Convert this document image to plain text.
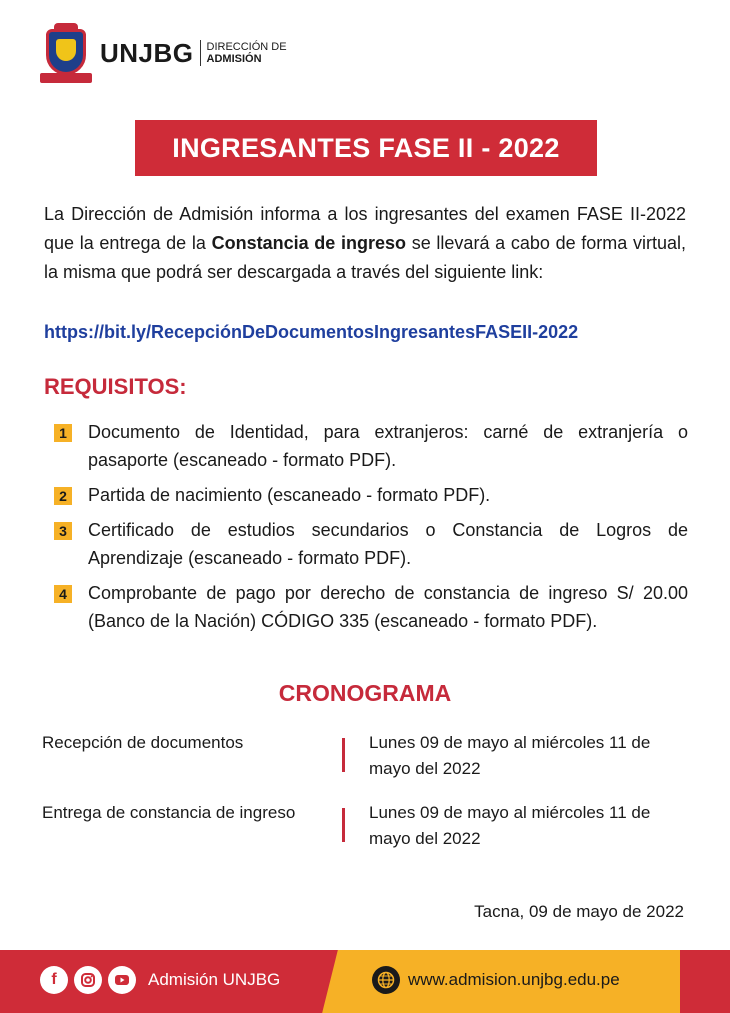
UNJBG DIRECCIÓN DE
ADMISIÓN
INGRESANTES FASE II - 2022

La Dirección de Admisión informa a los ingresantes del examen FASE II-2022 que la entrega de la Constancia de ingreso se llevará a cabo de forma virtual, la misma que podrá ser descargada a través del siguiente link:

https://bit.ly/RecepciónDeDocumentosIngresantesFASEII-2022
REQUISITOS:
1 Documento de Identidad, para extranjeros: carné de extranjería o pasaporte (escaneado - formato PDF).
2 Partida de nacimiento (escaneado - formato PDF).
3 Certificado de estudios secundarios o Constancia de Logros de Aprendizaje (escaneado - formato PDF).
4 Comprobante de pago por derecho de constancia de ingreso S/ 20.00 (Banco de la Nación) CÓDIGO 335 (escaneado - formato PDF).
CRONOGRAMA
Recepción de documentos	Lunes 09 de mayo al miércoles 11 de mayo del 2022
Entrega de constancia de ingreso	Lunes 09 de mayo al miércoles 11 de mayo del 2022
Tacna, 09 de mayo de 2022
f	Admisión UNJBG	www.admision.unjbg.edu.pe
